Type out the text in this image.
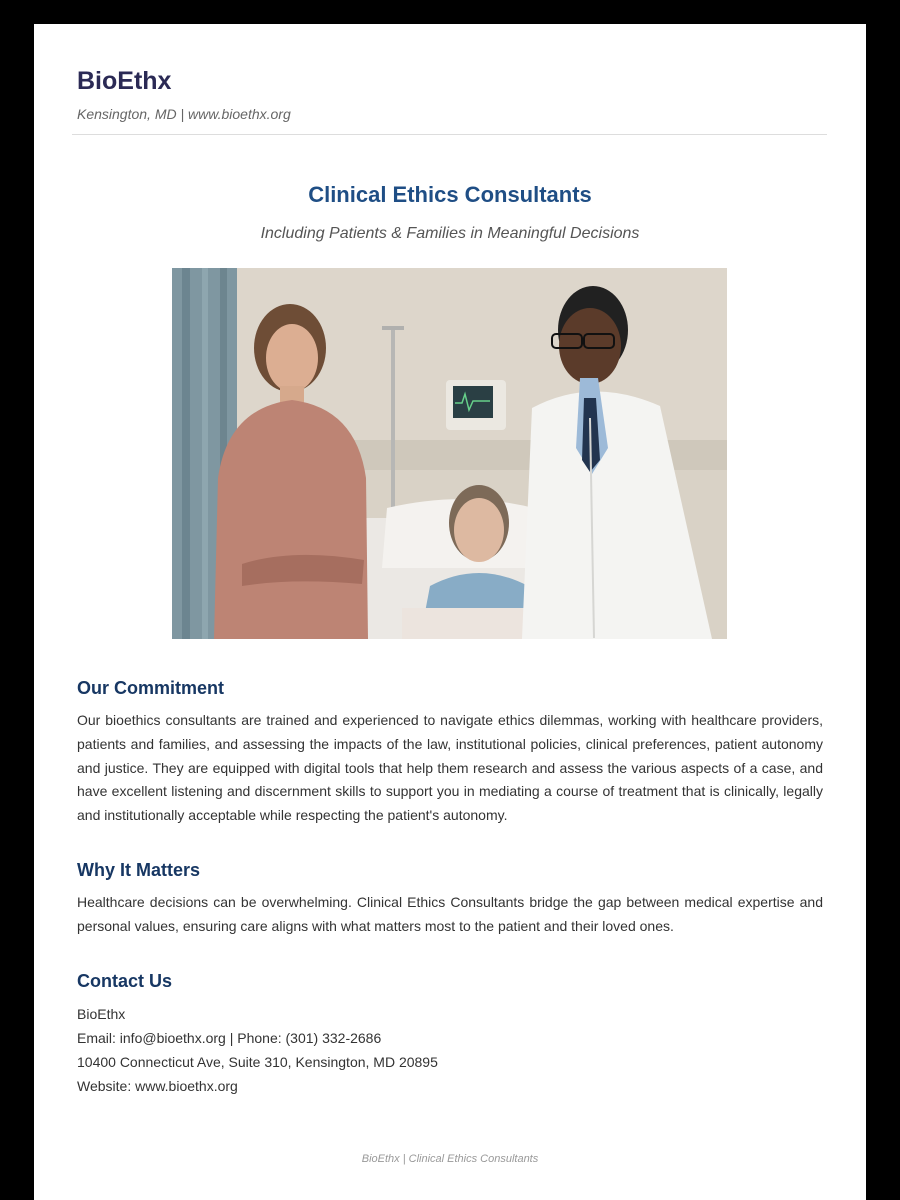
BioEthx
Kensington, MD | www.bioethx.org
Clinical Ethics Consultants
Including Patients & Families in Meaningful Decisions
Our Commitment

Our bioethics consultants are trained and experienced to navigate ethics dilemmas, working with healthcare providers, patients and families, and assessing the impacts of the law, institutional policies, clinical preferences, patient autonomy and justice. They are equipped with digital tools that help them research and assess the various aspects of a case, and have excellent listening and discernment skills to support you in mediating a course of treatment that is clinically, legally and institutionally acceptable while respecting the patient's autonomy.

Why It Matters

Healthcare decisions can be overwhelming. Clinical Ethics Consultants bridge the gap between medical expertise and personal values, ensuring care aligns with what matters most to the patient and their loved ones.

Contact Us
BioEthx
Email: info@bioethx.org | Phone: (301) 332-2686
10400 Connecticut Ave, Suite 310, Kensington, MD 20895
Website: www.bioethx.org
BioEthx | Clinical Ethics Consultants
